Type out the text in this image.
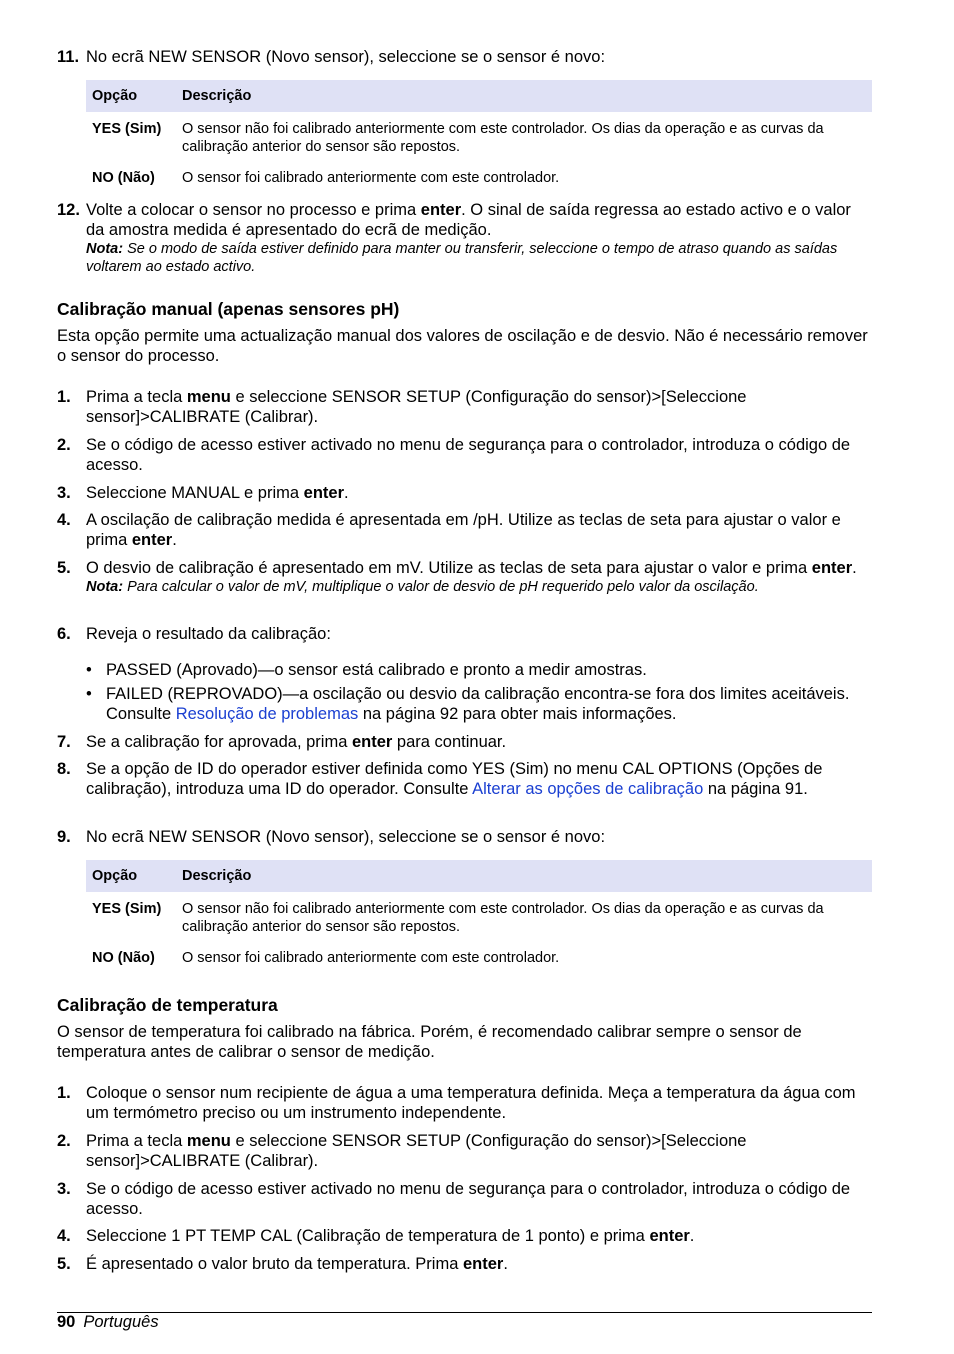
11. No ecrã NEW SENSOR (Novo sensor), seleccione se o sensor é novo:
Opção	Descrição
YES (Sim)	O sensor não foi calibrado anteriormente com este controlador. Os dias da operação e as curvas da calibração anterior do sensor são repostos.
NO (Não)	O sensor foi calibrado anteriormente com este controlador.
12. Volte a colocar o sensor no processo e prima enter. O sinal de saída regressa ao estado activo e o valor da amostra medida é apresentado do ecrã de medição.
Nota: Se o modo de saída estiver definido para manter ou transferir, seleccione o tempo de atraso quando as saídas voltarem ao estado activo.
Calibração manual (apenas sensores pH)
Esta opção permite uma actualização manual dos valores de oscilação e de desvio. Não é necessário remover o sensor do processo.
1. Prima a tecla menu e seleccione SENSOR SETUP (Configuração do sensor)>[Seleccione sensor]>CALIBRATE (Calibrar).
2. Se o código de acesso estiver activado no menu de segurança para o controlador, introduza o código de acesso.
3. Seleccione MANUAL e prima enter.
4. A oscilação de calibração medida é apresentada em /pH. Utilize as teclas de seta para ajustar o valor e prima enter.
5. O desvio de calibração é apresentado em mV. Utilize as teclas de seta para ajustar o valor e prima enter.
Nota: Para calcular o valor de mV, multiplique o valor de desvio de pH requerido pelo valor da oscilação.
6. Reveja o resultado da calibração:
• PASSED (Aprovado)—o sensor está calibrado e pronto a medir amostras.
• FAILED (REPROVADO)—a oscilação ou desvio da calibração encontra-se fora dos limites aceitáveis. Consulte Resolução de problemas na página 92 para obter mais informações.
7. Se a calibração for aprovada, prima enter para continuar.
8. Se a opção de ID do operador estiver definida como YES (Sim) no menu CAL OPTIONS (Opções de calibração), introduza uma ID do operador. Consulte Alterar as opções de calibração na página 91.
9. No ecrã NEW SENSOR (Novo sensor), seleccione se o sensor é novo:
Opção	Descrição
YES (Sim)	O sensor não foi calibrado anteriormente com este controlador. Os dias da operação e as curvas da calibração anterior do sensor são repostos.
NO (Não)	O sensor foi calibrado anteriormente com este controlador.
Calibração de temperatura
O sensor de temperatura foi calibrado na fábrica. Porém, é recomendado calibrar sempre o sensor de temperatura antes de calibrar o sensor de medição.
1. Coloque o sensor num recipiente de água a uma temperatura definida. Meça a temperatura da água com um termómetro preciso ou um instrumento independente.
2. Prima a tecla menu e seleccione SENSOR SETUP (Configuração do sensor)>[Seleccione sensor]>CALIBRATE (Calibrar).
3. Se o código de acesso estiver activado no menu de segurança para o controlador, introduza o código de acesso.
4. Seleccione 1 PT TEMP CAL (Calibração de temperatura de 1 ponto) e prima enter.
5. É apresentado o valor bruto da temperatura. Prima enter.
90 Português
